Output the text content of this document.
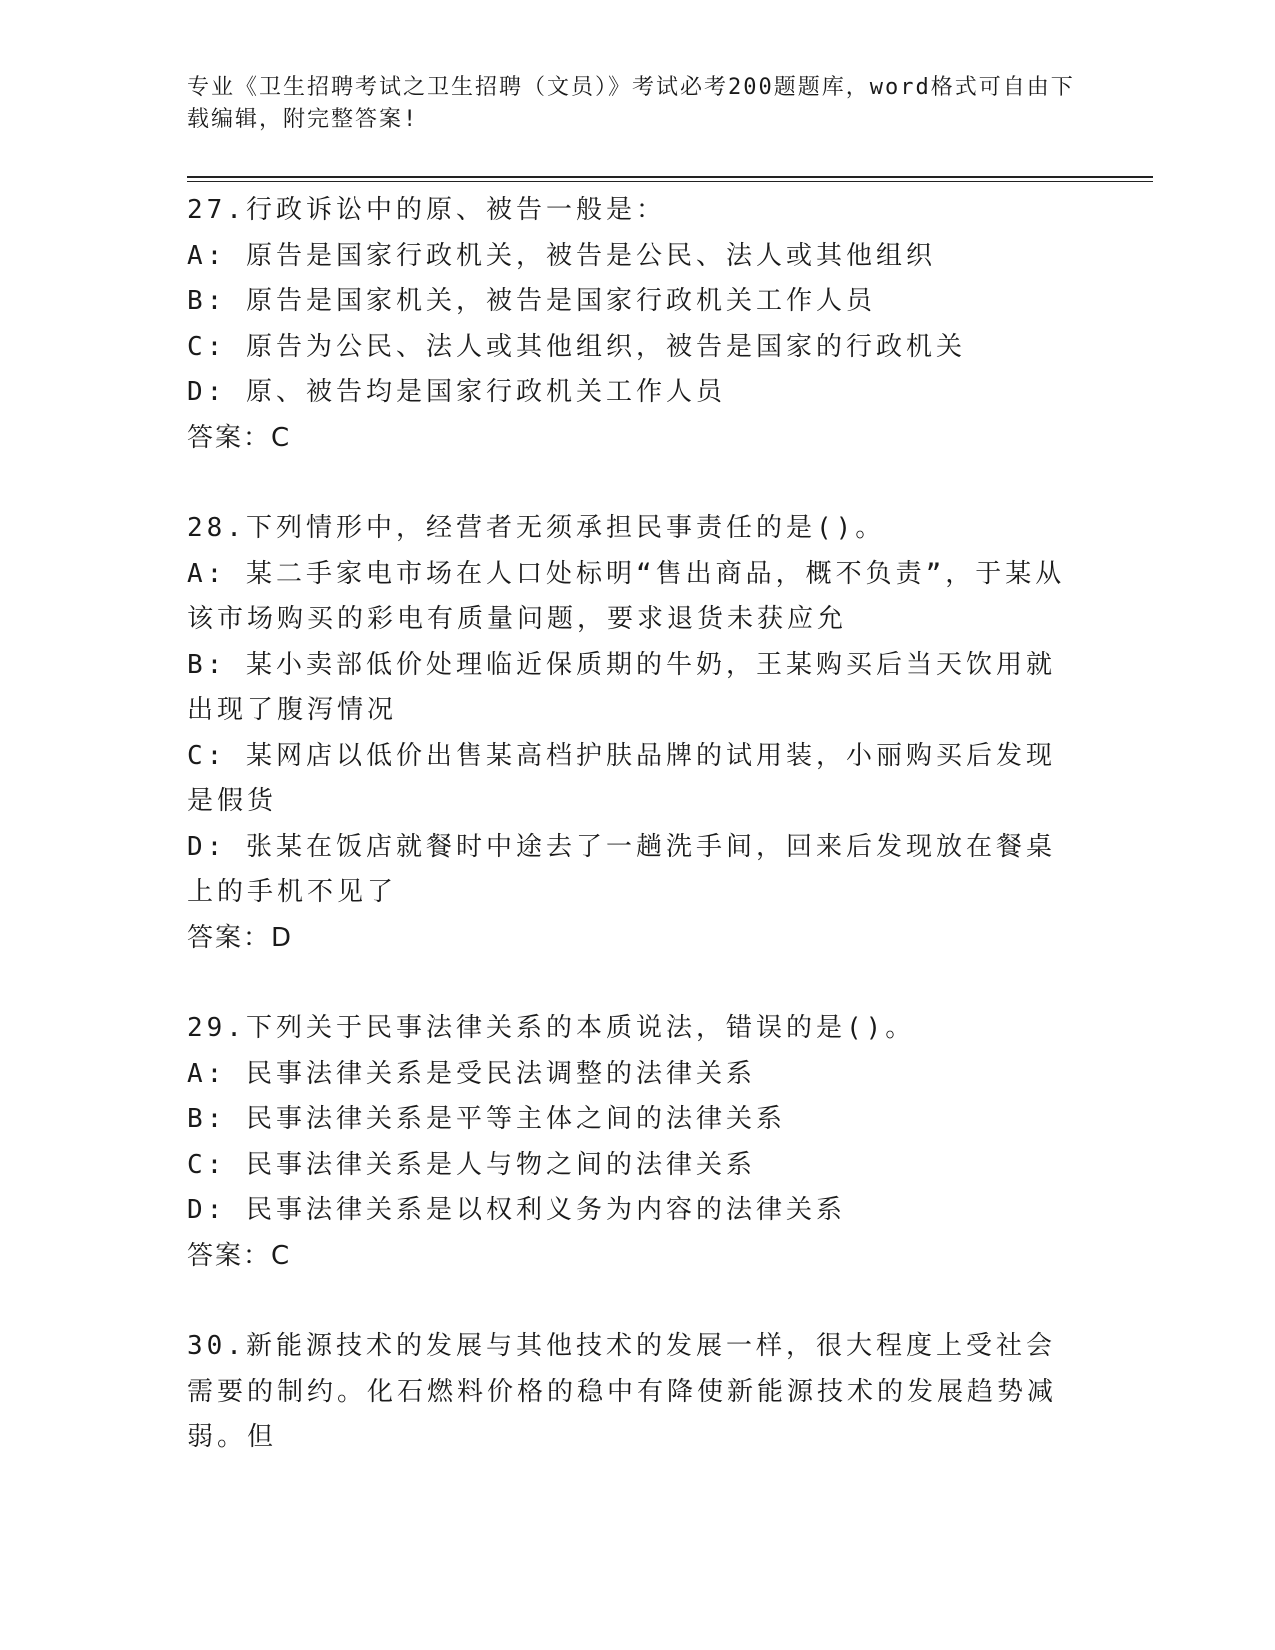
专业《卫生招聘考试之卫生招聘（文员）》考试必考200题题库，word格式可自由下载编辑，附完整答案!
27.行政诉讼中的原、被告一般是：
A: 原告是国家行政机关，被告是公民、法人或其他组织
B: 原告是国家机关，被告是国家行政机关工作人员
C: 原告为公民、法人或其他组织，被告是国家的行政机关
D: 原、被告均是国家行政机关工作人员
答案：C
28.下列情形中，经营者无须承担民事责任的是()。
A: 某二手家电市场在人口处标明“售出商品，概不负责”，于某从该市场购买的彩电有质量问题，要求退货未获应允
B: 某小卖部低价处理临近保质期的牛奶，王某购买后当天饮用就出现了腹泻情况
C: 某网店以低价出售某高档护肤品牌的试用装，小丽购买后发现是假货
D: 张某在饭店就餐时中途去了一趟洗手间，回来后发现放在餐桌上的手机不见了
答案：D
29.下列关于民事法律关系的本质说法，错误的是()。
A: 民事法律关系是受民法调整的法律关系
B: 民事法律关系是平等主体之间的法律关系
C: 民事法律关系是人与物之间的法律关系
D: 民事法律关系是以权利义务为内容的法律关系
答案：C
30.新能源技术的发展与其他技术的发展一样，很大程度上受社会需要的制约。化石燃料价格的稳中有降使新能源技术的发展趋势减弱。但
